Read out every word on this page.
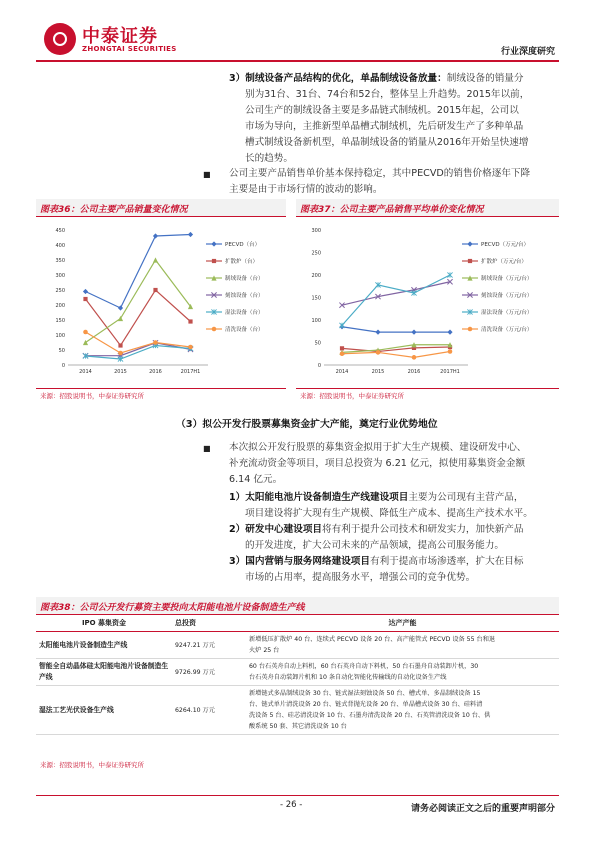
中泰证券
ZHONGTAI SECURITIES	行业深度研究
3）制绒设备产品结构的优化，单晶制绒设备放量：制绒设备的销量分
别为31台、31台、74台和52台，整体呈上升趋势。2015年以前，
公司生产的制绒设备主要是多晶链式制绒机。2015年起，公司以
市场为导向，主推新型单晶槽式制绒机，先后研发生产了多种单晶
槽式制绒设备新机型，单晶制绒设备的销量从2016年开始呈快速增
长的趋势。
■ 公司主要产品销售单价基本保持稳定，其中PECVD的销售价格逐年下降
主要是由于市场行情的波动的影响。
图表36：公司主要产品销量变化情况
0
50
100
150
200
250
300
350
400
450
2014	2015	2016	2017H1
PECVD（台）
扩散炉（台）
制绒设备（台）
刻蚀设备（台）
湿法设备（台）
清洗设备（台）
来源：招股说明书，中泰证券研究所
图表37：公司主要产品销售平均单价变化情况
0
50
100
150
200
250
300
2014	2015	2016	2017H1
PECVD（万元/台）
扩散炉（万元/台）
制绒设备（万元/台）
刻蚀设备（万元/台）
湿法设备（万元/台）
清洗设备（万元/台）
来源：招股说明书，中泰证券研究所
（3）拟公开发行股票募集资金扩大产能，奠定行业优势地位
■ 本次拟公开发行股票的募集资金拟用于扩大生产规模、建设研发中心、
补充流动资金等项目，项目总投资为 6.21 亿元，拟使用募集资金金额
6.14 亿元。
1）太阳能电池片设备制造生产线建设项目主要为公司现有主营产品，
项目建设将扩大现有生产规模、降低生产成本、提高生产技术水平。
2）研发中心建设项目将有利于提升公司技术和研发实力，加快新产品
的开发进度，扩大公司未来的产品领域，提高公司服务能力。
3）国内营销与服务网络建设项目有利于提高市场渗透率，扩大在目标
市场的占用率，提高服务水平，增强公司的竞争优势。
图表38：公司公开发行募资主要投向太阳能电池片设备制造生产线
IPO 募集资金	总投资	达产产能
太阳能电池片设备制造生产线	9247.21 万元	新增低压扩散炉 40 台、连续式 PECVD 设备 20 台、高产能管式 PECVD 设备 55 台和退
火炉 25 台

智能全自动晶体硅太阳能电池片设备制造生产线	9726.99 万元	60 台石英舟自动上料机，60 台石英舟自动下料机，50 台石墨舟自动装卸片机，30
台石英舟自动装卸片机和 10 条自动化智能化传输线的自动化设备生产线

湿法工艺光伏设备生产线	6264.10 万元	新增链式多晶制绒设备 30 台、链式湿法刻蚀设备 50 台、槽式单、多晶制绒设备 15
台、链式单片清洗设备 20 台、链式背抛光设备 20 台、单晶槽式设备 30 台、硅料清
洗设备 5 台、硅芯清洗设备 10 台、石墨舟清洗设备 20 台、石英管清洗设备 10 台、供
酸系统 50 套、其它清洗设备 10 台
来源：招股说明书，中泰证券研究所
- 26 -	请务必阅读正文之后的重要声明部分
